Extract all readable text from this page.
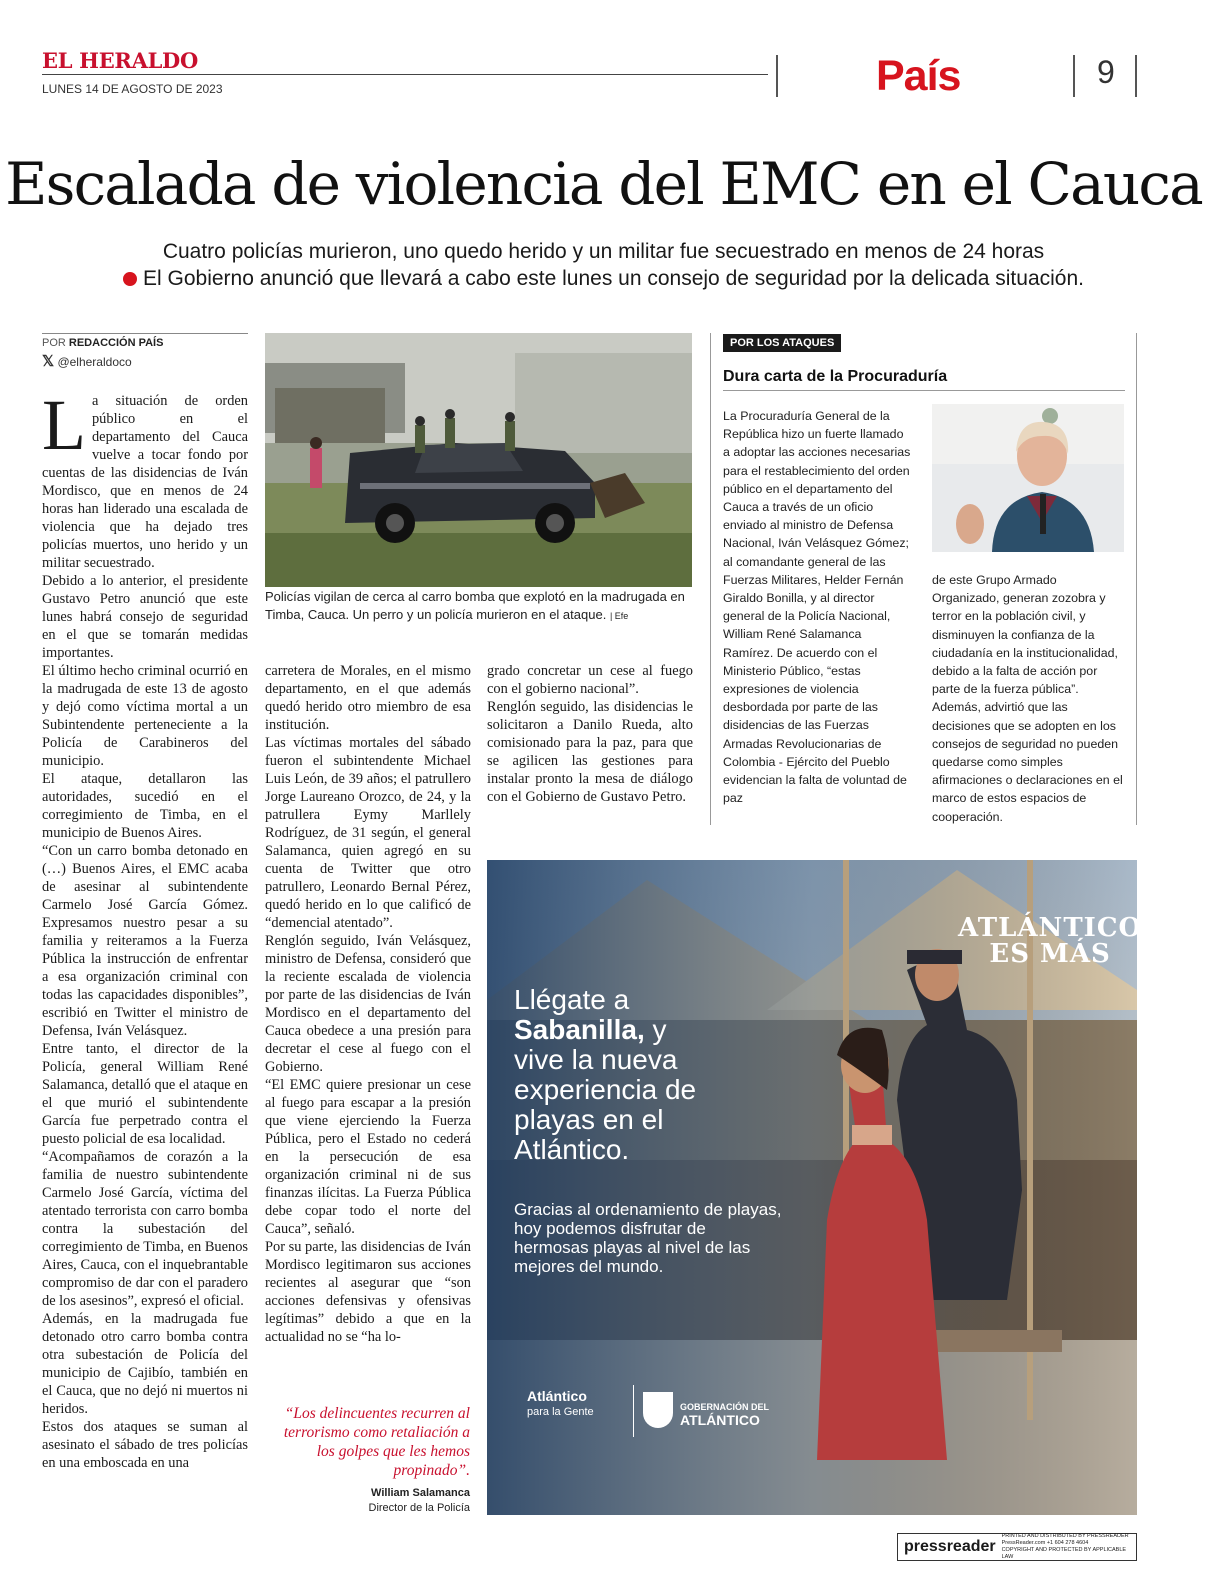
EL HERALDO
LUNES 14 DE AGOSTO DE 2023	País	9
Escalada de violencia del EMC en el Cauca
Cuatro policías murieron, uno quedo herido y un militar fue secuestrado en menos de 24 horas
El Gobierno anunció que llevará a cabo este lunes un consejo de seguridad por la delicada situación.
POR REDACCIÓN PAÍS
𝕏 @elheraldoco
L a situación de orden público en el departamento del Cauca vuelve a tocar fondo por cuentas de las disidencias de Iván Mordisco, que en menos de 24 horas han liderado una escalada de violencia que ha dejado tres policías muertos, uno herido y un militar secuestrado.

Debido a lo anterior, el presidente Gustavo Petro anunció que este lunes habrá consejo de seguridad en el que se tomarán medidas importantes.

El último hecho criminal ocurrió en la madrugada de este 13 de agosto y dejó como víctima mortal a un Subintendente perteneciente a la Policía de Carabineros del municipio.

El ataque, detallaron las autoridades, sucedió en el corregimiento de Timba, en el municipio de Buenos Aires.

“Con un carro bomba detonado en (…) Buenos Aires, el EMC acaba de asesinar al subintendente Carmelo José García Gómez. Expresamos nuestro pesar a su familia y reiteramos a la Fuerza Pública la instrucción de enfrentar a esa organización criminal con todas las capacidades disponibles”, escribió en Twitter el ministro de Defensa, Iván Velásquez.

Entre tanto, el director de la Policía, general William René Salamanca, detalló que el ataque en el que murió el subintendente García fue perpetrado contra el puesto policial de esa localidad.

“Acompañamos de corazón a la familia de nuestro subintendente Carmelo José García, víctima del atentado terrorista con carro bomba contra la subestación del corregimiento de Timba, en Buenos Aires, Cauca, con el inquebrantable compromiso de dar con el paradero de los asesinos”, expresó el oficial.

Además, en la madrugada fue detonado otro carro bomba contra otra subestación de Policía del municipio de Cajibío, también en el Cauca, que no dejó ni muertos ni heridos.

Estos dos ataques se suman al asesinato el sábado de tres policías en una emboscada en una

Policías vigilan de cerca al carro bomba que explotó en la madrugada en Timba, Cauca. Un perro y un policía murieron en el ataque. | Efe

carretera de Morales, en el mismo departamento, en el que además quedó herido otro miembro de esa institución.

Las víctimas mortales del sábado fueron el subintendente Michael Luis León, de 39 años; el patrullero Jorge Laureano Orozco, de 24, y la patrullera Eymy Marllely Rodríguez, de 31 según, el general Salamanca, quien agregó en su cuenta de Twitter que otro patrullero, Leonardo Bernal Pérez, quedó herido en lo que calificó de “demencial atentado”.

Renglón seguido, Iván Velásquez, ministro de Defensa, consideró que la reciente escalada de violencia por parte de las disidencias de Iván Mordisco en el departamento del Cauca obedece a una presión para decretar el cese al fuego con el Gobierno.

“El EMC quiere presionar un cese al fuego para escapar a la presión que viene ejerciendo la Fuerza Pública, pero el Estado no cederá en la persecución de esa organización criminal ni de sus finanzas ilícitas. La Fuerza Pública debe copar todo el norte del Cauca”, señaló.

Por su parte, las disidencias de Iván Mordisco legitimaron sus acciones recientes al asegurar que “son acciones defensivas y ofensivas legítimas” debido a que en la actualidad no se “ha lo-

grado concretar un cese al fuego con el gobierno nacional”.

Renglón seguido, las disidencias le solicitaron a Danilo Rueda, alto comisionado para la paz, para que se agilicen las gestiones para instalar pronto la mesa de diálogo con el Gobierno de Gustavo Petro.

“Los delincuentes recurren al terrorismo como retaliación a los golpes que les hemos propinado”.
William Salamanca
Director de la Policía
POR LOS ATAQUES
Dura carta de la Procuraduría
La Procuraduría General de la República hizo un fuerte llamado a adoptar las acciones necesarias para el restablecimiento del orden público en el departamento del Cauca a través de un oficio enviado al ministro de Defensa Nacional, Iván Velásquez Gómez; al comandante general de las Fuerzas Militares, Helder Fernán Giraldo Bonilla, y al director general de la Policía Nacional, William René Salamanca Ramírez. De acuerdo con el Ministerio Público, “estas expresiones de violencia desbordada por parte de las disidencias de las Fuerzas Armadas Revolucionarias de Colombia - Ejército del Pueblo evidencian la falta de voluntad de paz
de este Grupo Armado Organizado, generan zozobra y terror en la población civil, y disminuyen la confianza de la ciudadanía en la institucionalidad, debido a la falta de acción por parte de la fuerza pública”. Además, advirtió que las decisiones que se adopten en los consejos de seguridad no pueden quedarse como simples afirmaciones o declaraciones en el marco de estos espacios de cooperación.
ATLÁNTICO
ES MÁS
Llégate a
Sabanilla, y
vive la nueva
experiencia de
playas en el
Atlántico.
Gracias al ordenamiento de playas, hoy podemos disfrutar de hermosas playas al nivel de las mejores del mundo.
Atlántico
para la Gente	GOBERNACIÓN DEL
ATLÁNTICO
pressreader
PRINTED AND DISTRIBUTED BY PRESSREADER
PressReader.com +1 604 278 4604
COPYRIGHT AND PROTECTED BY APPLICABLE LAW
